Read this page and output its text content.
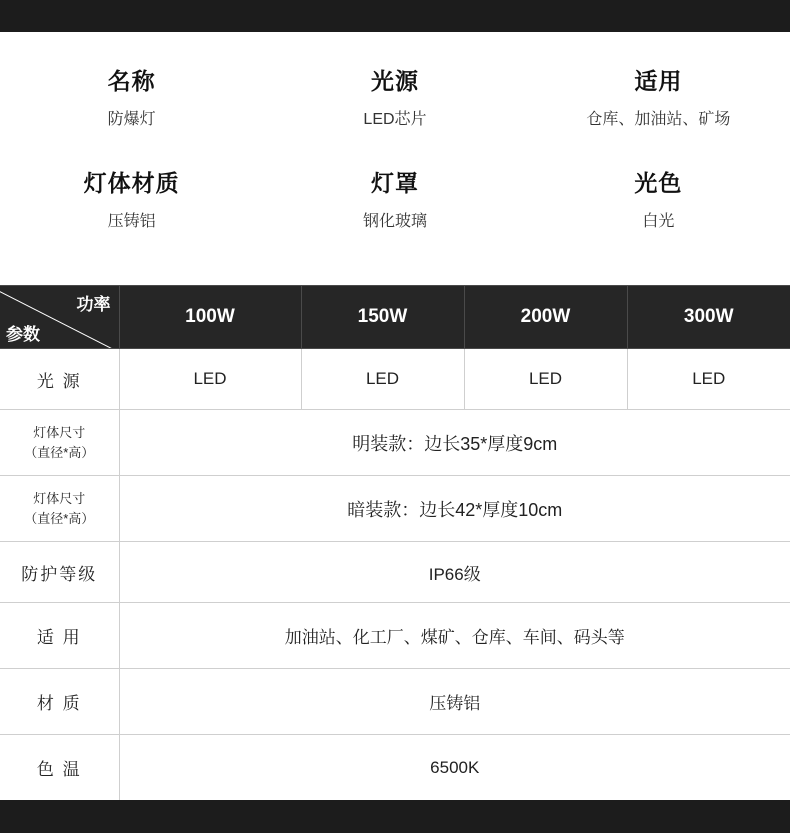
名称
防爆灯
光源
LED芯片
适用
仓库、加油站、矿场
灯体材质
压铸铝
灯罩
钢化玻璃
光色
白光
功率
参数	100W	150W	200W	300W
光 源	LED	LED	LED	LED

灯体尺寸
（直径*高）	明装款：边长35*厚度9cm			

灯体尺寸
（直径*高）	暗装款：边长42*厚度10cm			
防护等级	IP66级			
适 用	加油站、化工厂、煤矿、仓库、车间、码头等			
材 质	压铸铝			
色 温	6500K			
